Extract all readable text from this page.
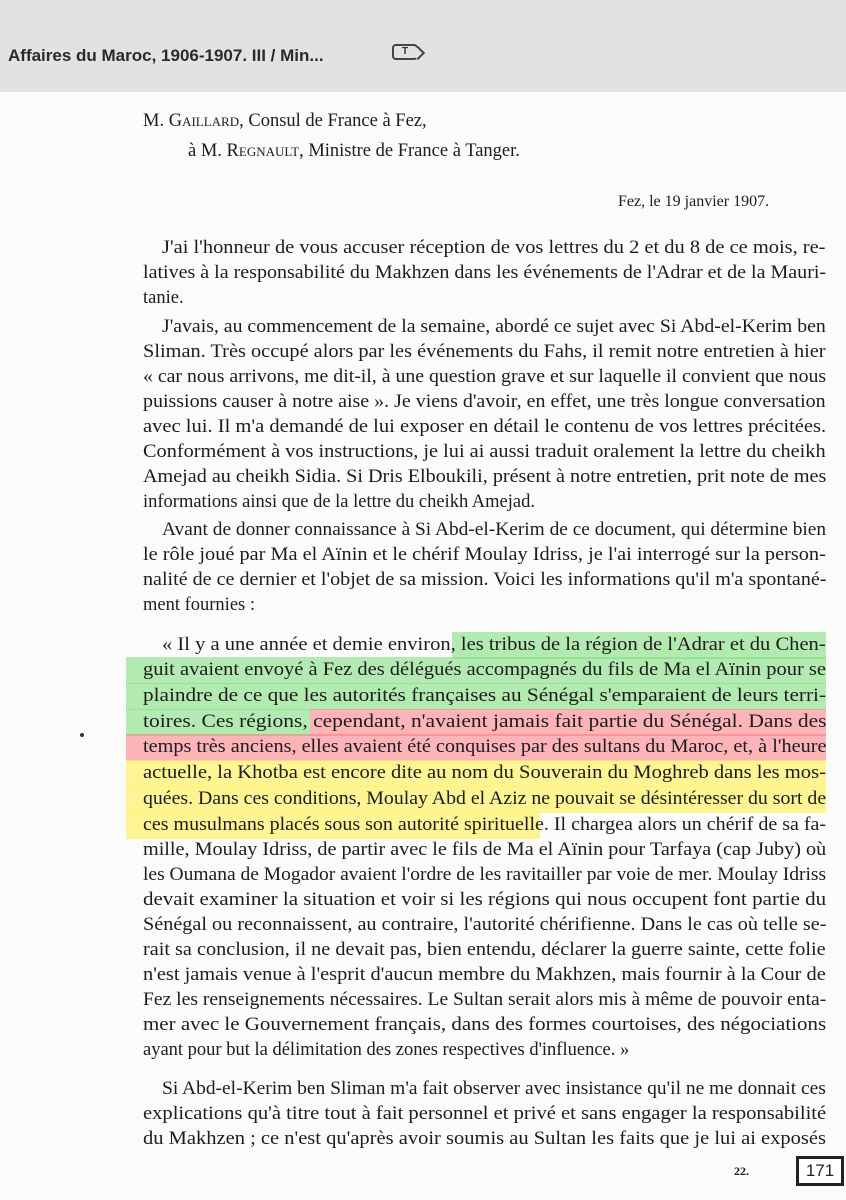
Affaires du Maroc, 1906-1907. III / Min...	T
M. Gaillard, Consul de France à Fez,
à M. Regnault, Ministre de France à Tanger.
Fez, le 19 janvier 1907.
J'ai l'honneur de vous accuser réception de vos lettres du 2 et du 8 de ce mois, re-
latives à la responsabilité du Makhzen dans les événements de l'Adrar et de la Mauri-
tanie.
J'avais, au commencement de la semaine, abordé ce sujet avec Si Abd-el-Kerim ben
Sliman. Très occupé alors par les événements du Fahs, il remit notre entretien à hier
« car nous arrivons, me dit-il, à une question grave et sur laquelle il convient que nous
puissions causer à notre aise ». Je viens d'avoir, en effet, une très longue conversation
avec lui. Il m'a demandé de lui exposer en détail le contenu de vos lettres précitées.
Conformément à vos instructions, je lui ai aussi traduit oralement la lettre du cheikh
Amejad au cheikh Sidia. Si Dris Elboukili, présent à notre entretien, prit note de mes
informations ainsi que de la lettre du cheikh Amejad.
Avant de donner connaissance à Si Abd-el-Kerim de ce document, qui détermine bien
le rôle joué par Ma el Aïnin et le chérif Moulay Idriss, je l'ai interrogé sur la person-
nalité de ce dernier et l'objet de sa mission. Voici les informations qu'il m'a spontané-
ment fournies :
« Il y a une année et demie environ, les tribus de la région de l'Adrar et du Chen-
guit avaient envoyé à Fez des délégués accompagnés du fils de Ma el Aïnin pour se
plaindre de ce que les autorités françaises au Sénégal s'emparaient de leurs terri-
toires. Ces régions, cependant, n'avaient jamais fait partie du Sénégal. Dans des
temps très anciens, elles avaient été conquises par des sultans du Maroc, et, à l'heure
actuelle, la Khotba est encore dite au nom du Souverain du Moghreb dans les mos-
quées. Dans ces conditions, Moulay Abd el Aziz ne pouvait se désintéresser du sort de
ces musulmans placés sous son autorité spirituelle. Il chargea alors un chérif de sa fa-
mille, Moulay Idriss, de partir avec le fils de Ma el Aïnin pour Tarfaya (cap Juby) où
les Oumana de Mogador avaient l'ordre de les ravitailler par voie de mer. Moulay Idriss
devait examiner la situation et voir si les régions qui nous occupent font partie du
Sénégal ou reconnaissent, au contraire, l'autorité chérifienne. Dans le cas où telle se-
rait sa conclusion, il ne devait pas, bien entendu, déclarer la guerre sainte, cette folie
n'est jamais venue à l'esprit d'aucun membre du Makhzen, mais fournir à la Cour de
Fez les renseignements nécessaires. Le Sultan serait alors mis à même de pouvoir enta-
mer avec le Gouvernement français, dans des formes courtoises, des négociations
ayant pour but la délimitation des zones respectives d'influence. »
Si Abd-el-Kerim ben Sliman m'a fait observer avec insistance qu'il ne me donnait ces
explications qu'à titre tout à fait personnel et privé et sans engager la responsabilité
du Makhzen ; ce n'est qu'après avoir soumis au Sultan les faits que je lui ai exposés
22.	171
